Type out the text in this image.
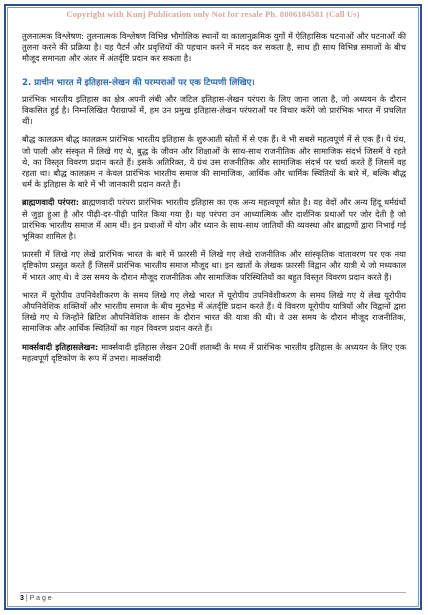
Copyright with Kunj Publication only Not for resale Ph. 8006184581 (Call Us)

तुलनात्मक विश्लेषण: तुलनात्मक विश्लेषण विभिन्न भौगोलिक स्थानों या कालानुक्रमिक युगों में ऐतिहासिक घटनाओं और घटनाओं की तुलना करने की प्रक्रिया है। यह पैटर्न और प्रवृत्तियों की पहचान करने में मदद कर सकता है, साथ ही साथ विभिन्न समाजों के बीच मौजूद समानता और अंतर में अंतर्दृष्टि प्रदान कर सकता है।

2. प्राचीन भारत में इतिहास-लेखन की परम्पराओं पर एक टिप्पणी लिखिए।

प्रारंभिक भारतीय इतिहास का क्षेत्र अपनी लंबी और जटिल इतिहास-लेखन परंपरा के लिए जाना जाता है, जो अध्ययन के दौरान विकसित हुई है। निम्नलिखित पैराग्राफों में, हम उन प्रमुख इतिहास-लेखन परंपराओं पर विचार करेंगे जो प्रारंभिक भारत में प्रचलित थीं।

बौद्ध कालक्रम बौद्ध कालक्रम प्रारंभिक भारतीय इतिहास के शुरुआती स्रोतों में से एक हैं। वे भी सबसे महत्वपूर्ण में से एक हैं। ये ग्रंथ, जो पाली और संस्कृत में लिखे गए थे, बुद्ध के जीवन और शिक्षाओं के साथ-साथ राजनीतिक और सामाजिक संदर्भ जिसमें वे रहते थे, का विस्तृत विवरण प्रदान करते हैं। इसके अतिरिक्त, ये ग्रंथ उस राजनीतिक और सामाजिक संदर्भ पर चर्चा करते हैं जिसमें वह रहता था। बौद्ध कालक्रम न केवल प्रारंभिक भारतीय समाज की सामाजिक, आर्थिक और धार्मिक स्थितियों के बारे में, बल्कि बौद्ध धर्म के इतिहास के बारे में भी जानकारी प्रदान करते हैं।

ब्राह्मणवादी परंपरा: ब्राह्मणवादी परंपरा प्रारंभिक भारतीय इतिहास का एक अन्य महत्वपूर्ण स्रोत है। यह वेदों और अन्य हिंदू धर्मग्रंथों से जुड़ा हुआ है और पीढ़ी-दर-पीढ़ी पारित किया गया है। यह परंपरा उन आध्यात्मिक और दार्शनिक प्रथाओं पर जोर देती है जो प्रारंभिक भारतीय समाज में आम थीं। इन प्रथाओं में योग और ध्यान के साथ-साथ जातियों की व्यवस्था और ब्राह्मणों द्वारा निभाई गई भूमिका शामिल है।

फ़ारसी में लिखे गए लेखे प्रारंभिक भारत के बारे में फ़ारसी में लिखे गए लेखे राजनीतिक और सांस्कृतिक वातावरण पर एक नया दृष्टिकोण प्रस्तुत करते हैं जिसमें प्रारंभिक भारतीय समाज मौजूद था। इन खातों के लेखक फ़ारसी विद्वान और यात्री थे जो मध्यकाल में भारत आए थे। वे उस समय के दौरान मौजूद राजनीतिक और सामाजिक परिस्थितियों का बहुत विस्तृत विवरण प्रदान करते हैं।

भारत में यूरोपीय उपनिवेशीकरण के समय लिखे गए लेखे भारत में यूरोपीय उपनिवेशीकरण के समय लिखे गए ये लेख यूरोपीय औपनिवेशिक शक्तियों और भारतीय समाज के बीच मुठभेड़ में अंतर्दृष्टि प्रदान करते हैं। ये विवरण यूरोपीय यात्रियों और विद्वानों द्वारा लिखे गए थे जिन्होंने ब्रिटिश औपनिवेशिक शासन के दौरान भारत की यात्रा की थी। वे उस समय के दौरान मौजूद राजनीतिक, सामाजिक और आर्थिक स्थितियों का गहन विवरण प्रदान करते हैं।

मार्क्सवादी इतिहासलेखन: मार्क्सवादी इतिहास लेखन 20वीं शताब्दी के मध्य में प्रारंभिक भारतीय इतिहास के अध्ययन के लिए एक महत्वपूर्ण दृष्टिकोण के रूप में उभरा। मार्क्सवादी

3 | P a g e
